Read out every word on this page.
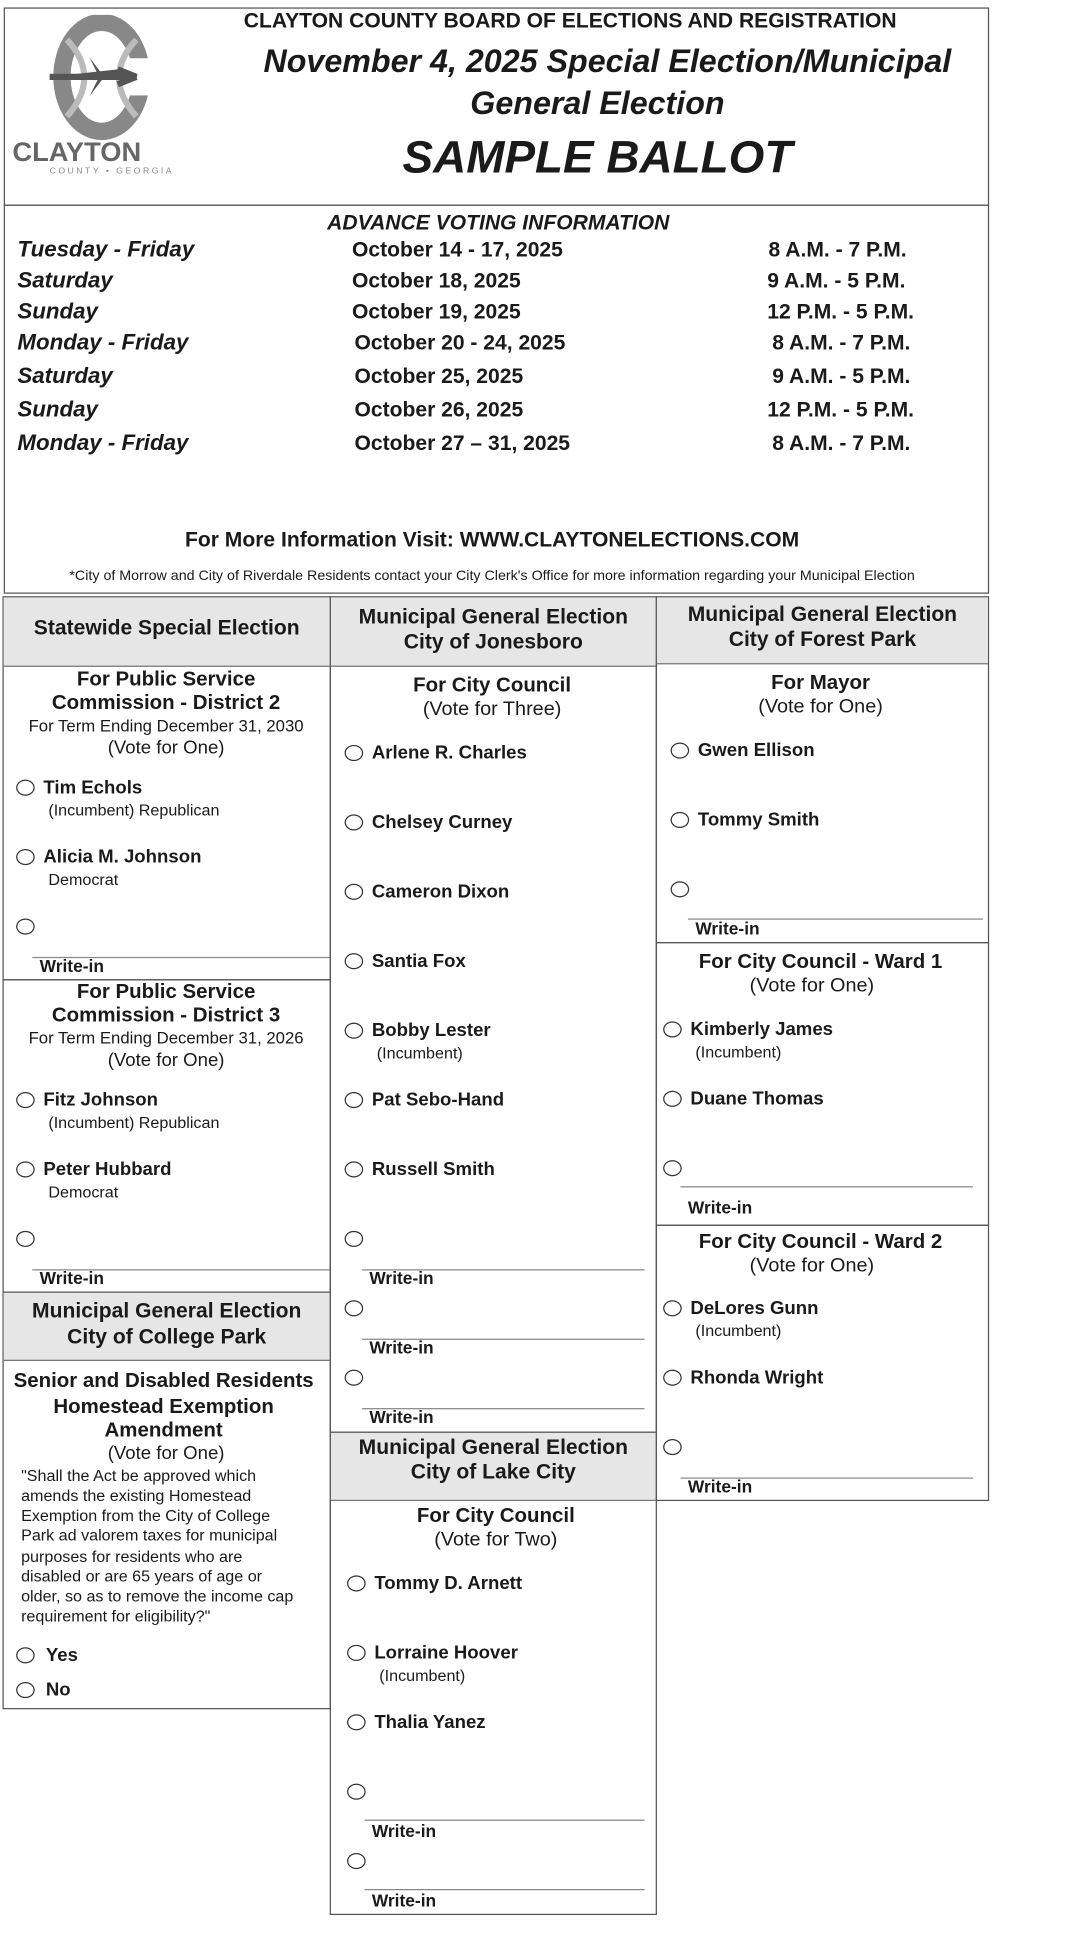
CLAYTON
COUNTY • GEORGIA
CLAYTON COUNTY BOARD OF ELECTIONS AND REGISTRATION
November 4, 2025 Special Election/Municipal
General Election
SAMPLE BALLOT
ADVANCE VOTING INFORMATION
Tuesday - Friday	October 14 - 17, 2025	8 A.M. - 7 P.M.
Saturday	October 18, 2025	9 A.M. - 5 P.M.
Sunday	October 19, 2025	12 P.M. - 5 P.M.
Monday - Friday	October 20 - 24, 2025	8 A.M. - 7 P.M.
Saturday	October 25, 2025	9 A.M. - 5 P.M.
Sunday	October 26, 2025	12 P.M. - 5 P.M.
Monday - Friday	October 27 – 31, 2025	8 A.M. - 7 P.M.
For More Information Visit: WWW.CLAYTONELECTIONS.COM
*City of Morrow and City of Riverdale Residents contact your City Clerk's Office for more information regarding your Municipal Election
Statewide Special Election
For Public Service
Commission - District 2
For Term Ending December 31, 2030
(Vote for One)
Tim Echols
(Incumbent) Republican
Alicia M. Johnson
Democrat
Write-in
For Public Service
Commission - District 3
For Term Ending December 31, 2026
(Vote for One)
Fitz Johnson
(Incumbent) Republican
Peter Hubbard
Democrat
Write-in
Municipal General Election
City of College Park
Senior and Disabled Residents
Homestead Exemption
Amendment
(Vote for One)
"Shall the Act be approved which
amends the existing Homestead
Exemption from the City of College
Park ad valorem taxes for municipal
purposes for residents who are
disabled or are 65 years of age or
older, so as to remove the income cap
requirement for eligibility?"
Yes
No
Municipal General Election
City of Jonesboro
For City Council
(Vote for Three)
Arlene R. Charles
Chelsey Curney
Cameron Dixon
Santia Fox
Bobby Lester
(Incumbent)
Pat Sebo-Hand
Russell Smith
Write-in
Write-in
Write-in
Municipal General Election
City of Lake City
For City Council
(Vote for Two)
Tommy D. Arnett
Lorraine Hoover
(Incumbent)
Thalia Yanez
Write-in
Write-in
Municipal General Election
City of Forest Park
For Mayor
(Vote for One)
Gwen Ellison
Tommy Smith
Write-in
For City Council - Ward 1
(Vote for One)
Kimberly James
(Incumbent)
Duane Thomas
Write-in
For City Council - Ward 2
(Vote for One)
DeLores Gunn
(Incumbent)
Rhonda Wright
Write-in
